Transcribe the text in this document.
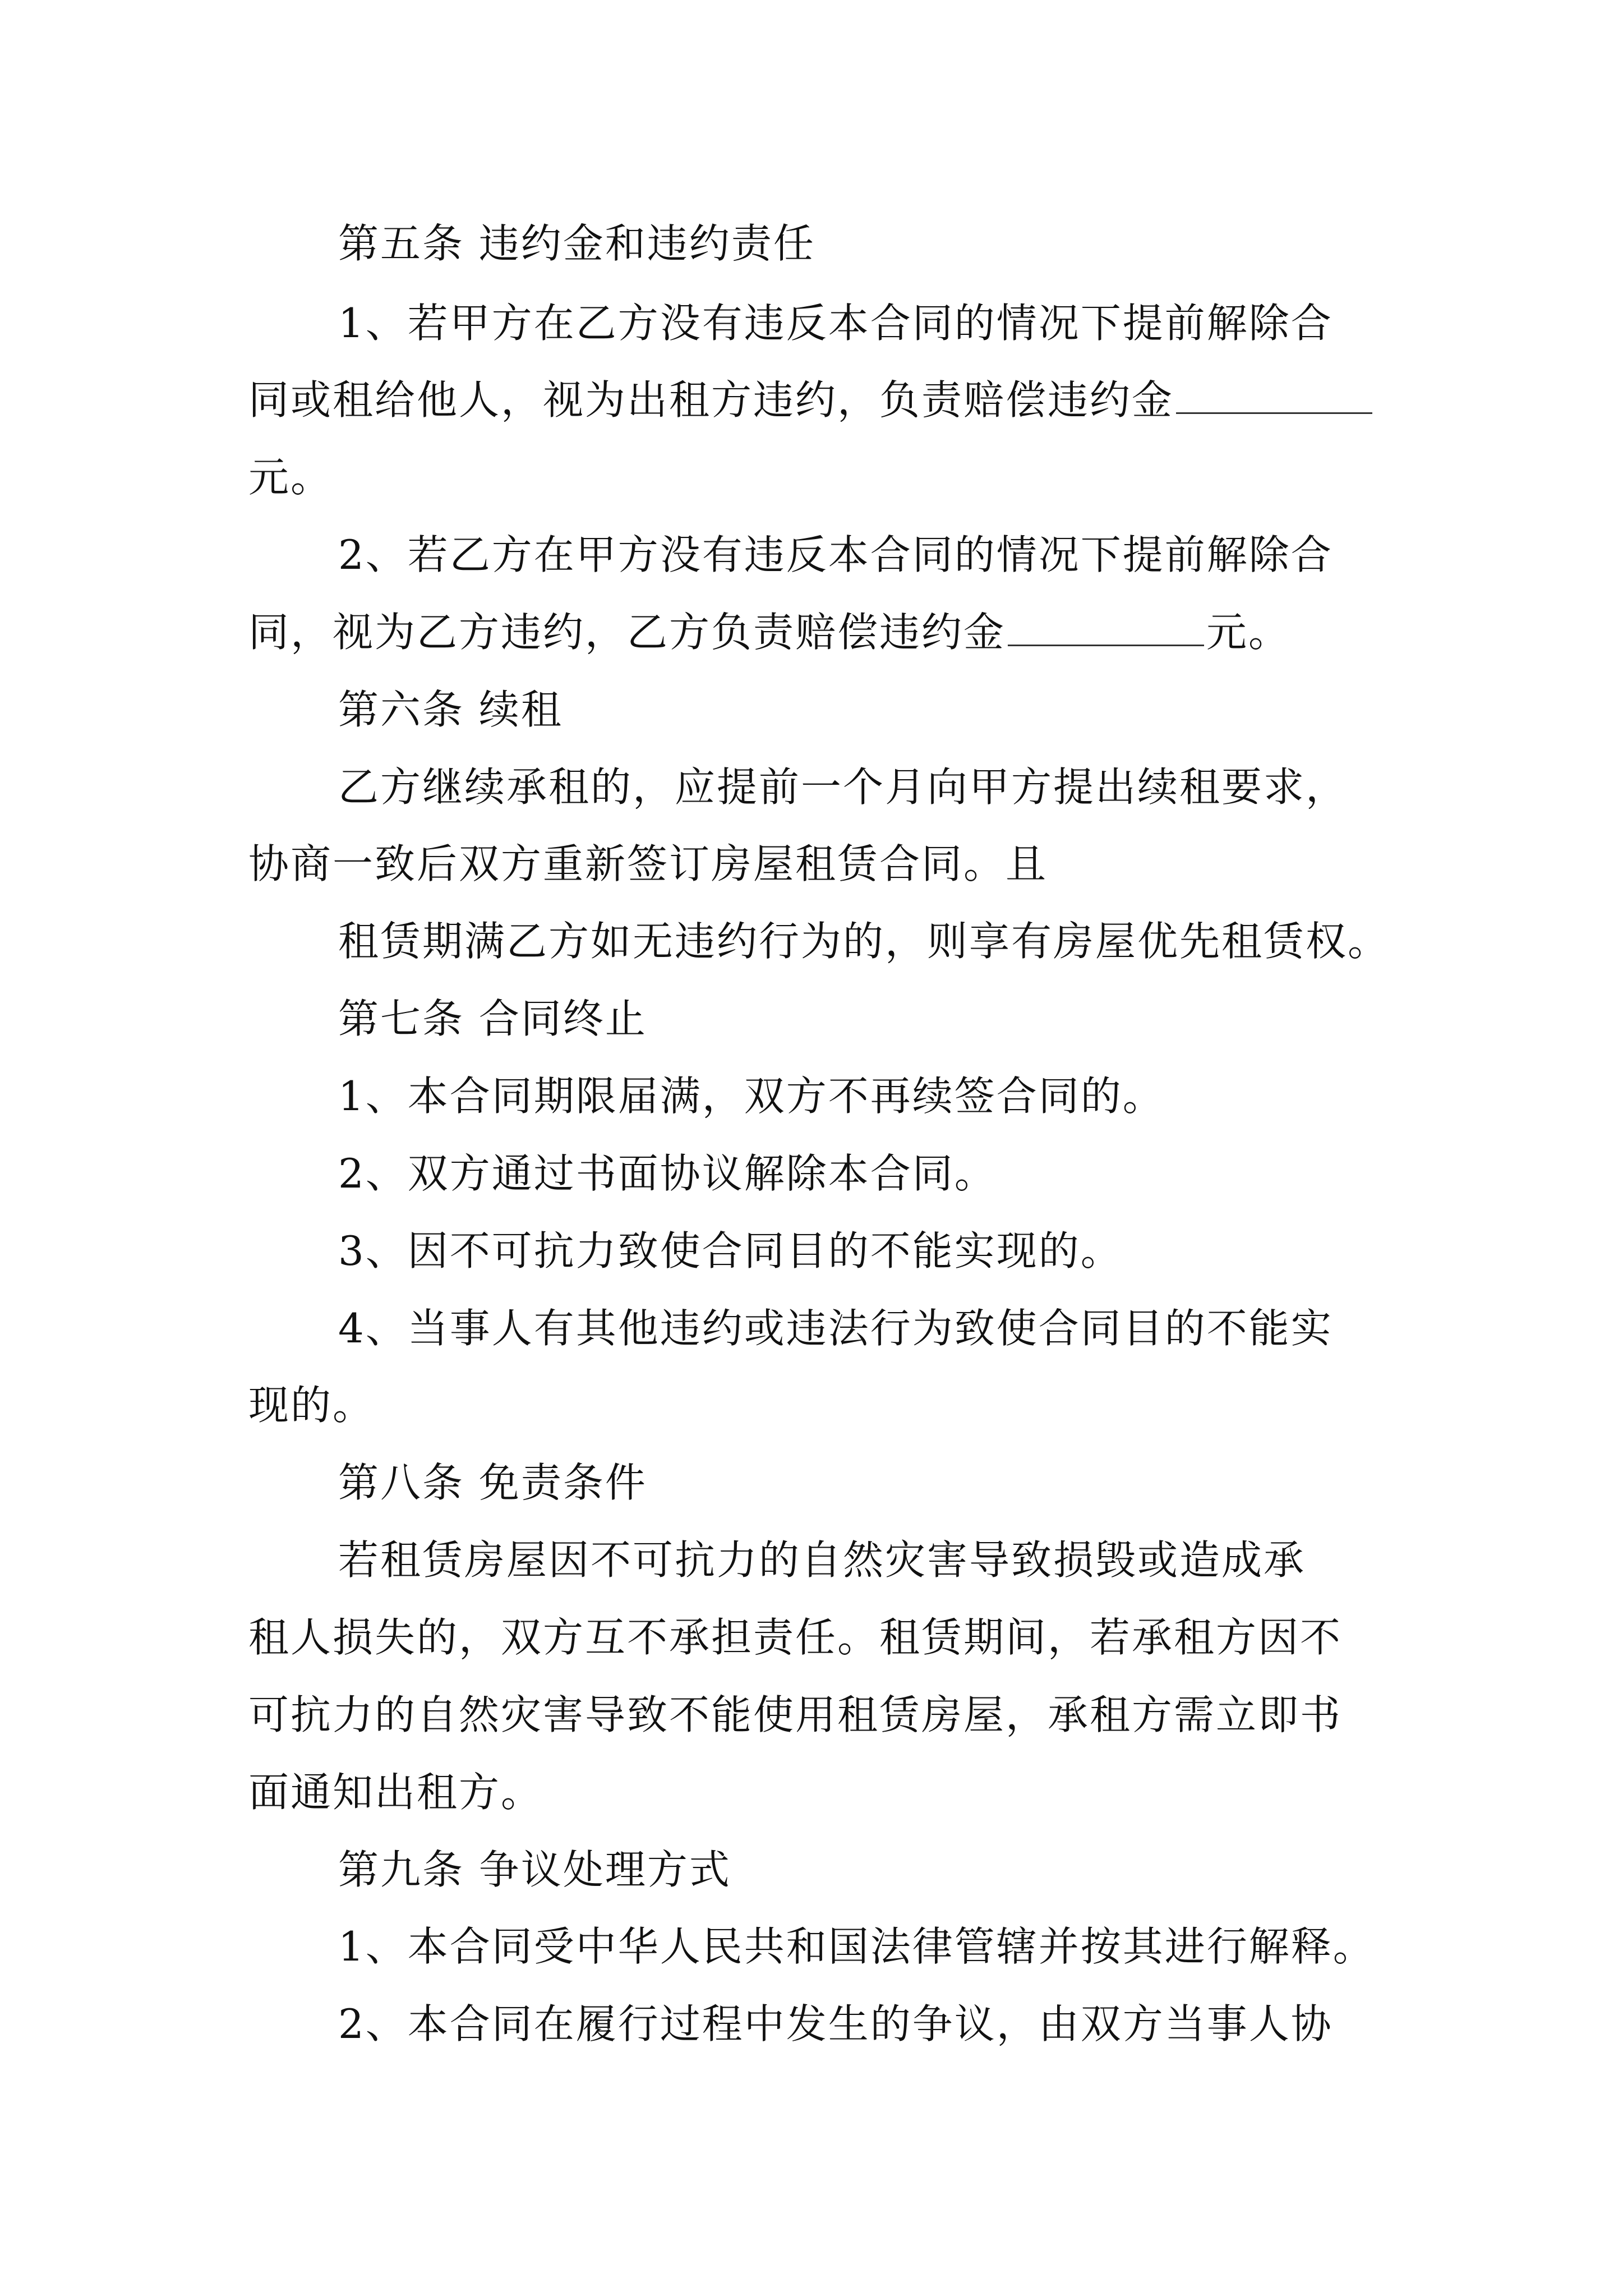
第五条 违约金和违约责任
1、若甲方在乙方没有违反本合同的情况下提前解除合
同或租给他人，视为出租方违约，负责赔偿违约金
元。
2、若乙方在甲方没有违反本合同的情况下提前解除合
同，视为乙方违约，乙方负责赔偿违约金	元。
第六条 续租
乙方继续承租的，应提前一个月向甲方提出续租要求，
协商一致后双方重新签订房屋租赁合同。且
租赁期满乙方如无违约行为的，则享有房屋优先租赁权。
第七条 合同终止
1、本合同期限届满，双方不再续签合同的。
2、双方通过书面协议解除本合同。
3、因不可抗力致使合同目的不能实现的。
4、当事人有其他违约或违法行为致使合同目的不能实
现的。
第八条 免责条件
若租赁房屋因不可抗力的自然灾害导致损毁或造成承
租人损失的，双方互不承担责任。租赁期间，若承租方因不
可抗力的自然灾害导致不能使用租赁房屋，承租方需立即书
面通知出租方。
第九条 争议处理方式
1、本合同受中华人民共和国法律管辖并按其进行解释。
2、本合同在履行过程中发生的争议，由双方当事人协
